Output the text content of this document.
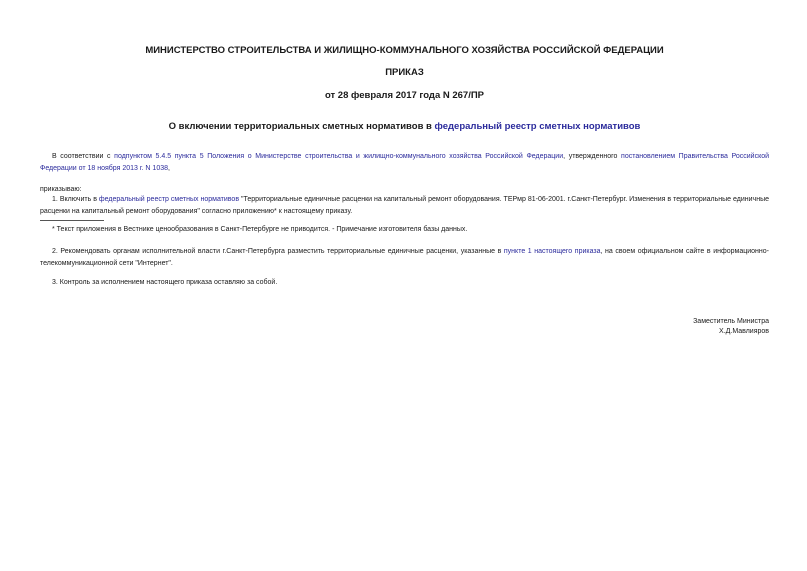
МИНИСТЕРСТВО СТРОИТЕЛЬСТВА И ЖИЛИЩНО-КОММУНАЛЬНОГО ХОЗЯЙСТВА РОССИЙСКОЙ ФЕДЕРАЦИИ
ПРИКАЗ
от 28 февраля 2017 года N 267/ПР
О включении территориальных сметных нормативов в федеральный реестр сметных нормативов
В соответствии с подпунктом 5.4.5 пункта 5 Положения о Министерстве строительства и жилищно-коммунального хозяйства Российской Федерации, утвержденного постановлением Правительства Российской Федерации от 18 ноября 2013 г. N 1038,
приказываю:
1. Включить в федеральный реестр сметных нормативов "Территориальные единичные расценки на капитальный ремонт оборудования. ТЕРмр 81-06-2001. г.Санкт-Петербург. Изменения в территориальные единичные расценки на капитальный ремонт оборудования" согласно приложению* к настоящему приказу.
* Текст приложения в Вестнике ценообразования в Санкт-Петербурге не приводится. - Примечание изготовителя базы данных.
2. Рекомендовать органам исполнительной власти г.Санкт-Петербурга разместить территориальные единичные расценки, указанные в пункте 1 настоящего приказа, на своем официальном сайте в информационно-телекоммуникационной сети "Интернет".
3. Контроль за исполнением настоящего приказа оставляю за собой.
Заместитель Министра
Х.Д.Мавлияров
